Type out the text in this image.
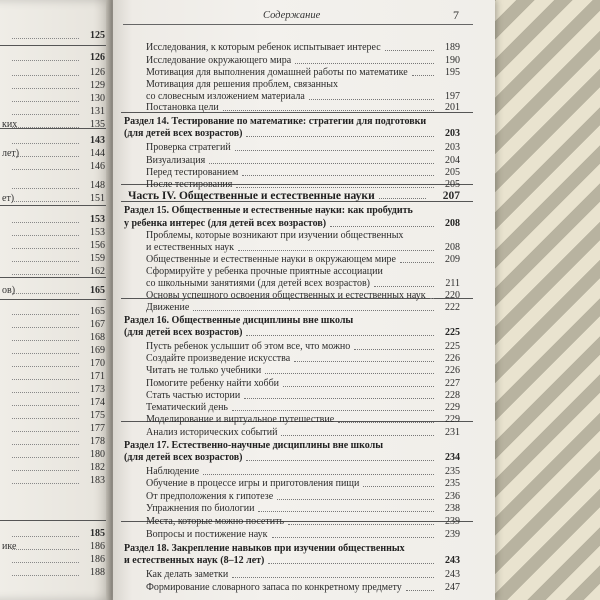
125
126
126
129
130
131
ких	135
143
лет)	144
146
148
ет)	151
153
153
156
159
162
ов)	165
165
167
168
169
170
171
173
174
175
177
178
180
182
183
185
ике	186
186
188
Содержание	7
Исследования, к которым ребенок испытывает интерес	189
Исследование окружающего мира	190
Мотивация для выполнения домашней работы по математике	195
Мотивация для решения проблем, связанных
со словесным изложением материала	197
Постановка цели	201
Раздел 14. Тестирование по математике: стратегии для подготовки
(для детей всех возрастов)	203
Проверка стратегий	203
Визуализация	204
Перед тестированием	205
После тестирования	205
Часть IV. Общественные и естественные науки	207
Раздел 15. Общественные и естественные науки: как пробудить
у ребенка интерес (для детей всех возрастов)	208
Проблемы, которые возникают при изучении общественных
и естественных наук	208
Общественные и естественные науки в окружающем мире	209
Сформируйте у ребенка прочные приятные ассоциации
со школьными занятиями (для детей всех возрастов)	211
Основы успешного освоения общественных и естественных наук	220
Движение	222
Раздел 16. Общественные дисциплины вне школы
(для детей всех возрастов)	225
Пусть ребенок услышит об этом все, что можно	225
Создайте произведение искусства	226
Читать не только учебники	226
Помогите ребенку найти хобби	227
Стать частью истории	228
Тематический день	229
Моделирование и виртуальное путешествие	229
Анализ исторических событий	231
Раздел 17. Естественно-научные дисциплины вне школы
(для детей всех возрастов)	234
Наблюдение	235
Обучение в процессе игры и приготовления пищи	235
От предположения к гипотезе	236
Упражнения по биологии	238
Места, которые можно посетить	239
Вопросы и постижение наук	239
Раздел 18. Закрепление навыков при изучении общественных
и естественных наук (8–12 лет)	243
Как делать заметки	243
Формирование словарного запаса по конкретному предмету	247
